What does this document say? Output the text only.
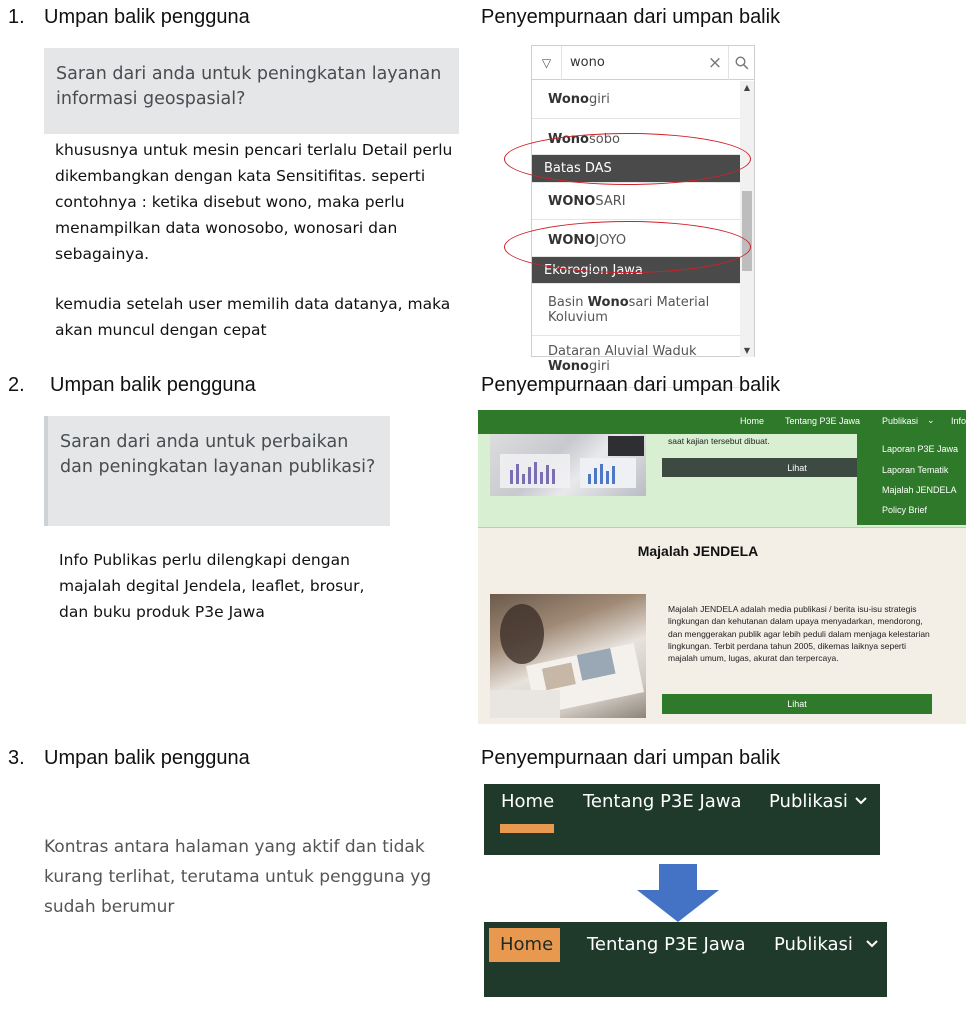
1. Umpan balik pengguna	Penyempurnaan dari umpan balik
Saran dari anda untuk peningkatan layanan informasi geospasial?
khususnya untuk mesin pencari terlalu Detail perlu dikembangkan dengan kata Sensitifitas. seperti contohnya : ketika disebut wono, maka perlu menampilkan data wonosobo, wonosari dan sebagainya.
kemudia setelah user memilih data datanya, maka akan muncul dengan cepat
▽	wono	×
Wono giri
Wono sobo
Batas DAS
WONO SARI
WONO JOYO
Ekoregion Jawa
Basin Wonosari Material Koluvium
Dataran Aluvial Waduk Wonogiri
▲
▼
2. Umpan balik pengguna	Penyempurnaan dari umpan balik
Saran dari anda untuk perbaikan dan peningkatan layanan publikasi?
Info Publikas perlu dilengkapi dengan majalah degital Jendela, leaflet, brosur, dan buku produk P3e Jawa
saat kajian tersebut dibuat.
Lihat
Home Tentang P3E Jawa Publikasi ⌄ Info
Laporan P3E Jawa
Laporan Tematik
Majalah JENDELA
Policy Brief
Majalah JENDELA
Majalah JENDELA adalah media publikasi / berita isu-isu strategis lingkungan dan kehutanan dalam upaya menyadarkan, mendorong, dan menggerakan publik agar lebih peduli dalam menjaga kelestarian lingkungan. Terbit perdana tahun 2005, dikemas laiknya seperti majalah umum, lugas, akurat dan terpercaya.
Lihat
3. Umpan balik pengguna	Penyempurnaan dari umpan balik
Kontras antara halaman yang aktif dan tidak kurang terlihat, terutama untuk pengguna yg sudah berumur
Home Tentang P3E Jawa Publikasi
Home Tentang P3E Jawa Publikasi
